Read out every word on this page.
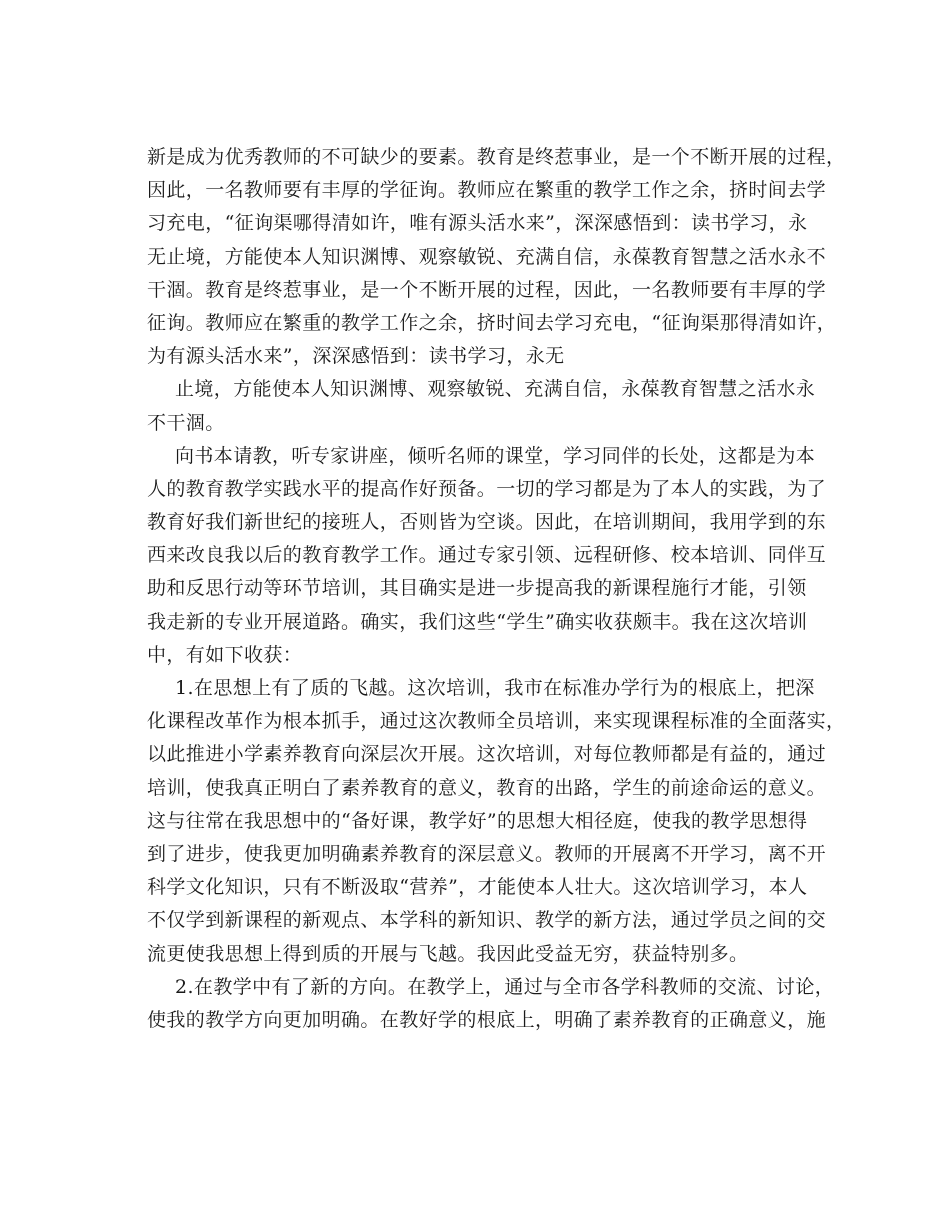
新是成为优秀教师的不可缺少的要素。教育是终惹事业，是一个不断开展的过程，
因此，一名教师要有丰厚的学征询。教师应在繁重的教学工作之余，挤时间去学
习充电，“征询渠哪得清如许，唯有源头活水来”，深深感悟到：读书学习，永
无止境，方能使本人知识渊博、观察敏锐、充满自信，永葆教育智慧之活水永不
干涸。教育是终惹事业，是一个不断开展的过程，因此，一名教师要有丰厚的学
征询。教师应在繁重的教学工作之余，挤时间去学习充电，“征询渠那得清如许，
为有源头活水来”，深深感悟到：读书学习，永无
止境，方能使本人知识渊博、观察敏锐、充满自信，永葆教育智慧之活水永
不干涸。
向书本请教，听专家讲座，倾听名师的课堂，学习同伴的长处，这都是为本
人的教育教学实践水平的提高作好预备。一切的学习都是为了本人的实践，为了
教育好我们新世纪的接班人，否则皆为空谈。因此，在培训期间，我用学到的东
西来改良我以后的教育教学工作。通过专家引领、远程研修、校本培训、同伴互
助和反思行动等环节培训，其目确实是进一步提高我的新课程施行才能，引领
我走新的专业开展道路。确实，我们这些“学生”确实收获颇丰。我在这次培训
中，有如下收获：
1.在思想上有了质的飞越。这次培训，我市在标准办学行为的根底上，把深
化课程改革作为根本抓手，通过这次教师全员培训，来实现课程标准的全面落实，
以此推进小学素养教育向深层次开展。这次培训，对每位教师都是有益的，通过
培训，使我真正明白了素养教育的意义，教育的出路，学生的前途命运的意义。
这与往常在我思想中的“备好课，教学好”的思想大相径庭，使我的教学思想得
到了进步，使我更加明确素养教育的深层意义。教师的开展离不开学习，离不开
科学文化知识，只有不断汲取“营养”，才能使本人壮大。这次培训学习，本人
不仅学到新课程的新观点、本学科的新知识、教学的新方法，通过学员之间的交
流更使我思想上得到质的开展与飞越。我因此受益无穷，获益特别多。
2.在教学中有了新的方向。在教学上，通过与全市各学科教师的交流、讨论，
使我的教学方向更加明确。在教好学的根底上，明确了素养教育的正确意义，施
